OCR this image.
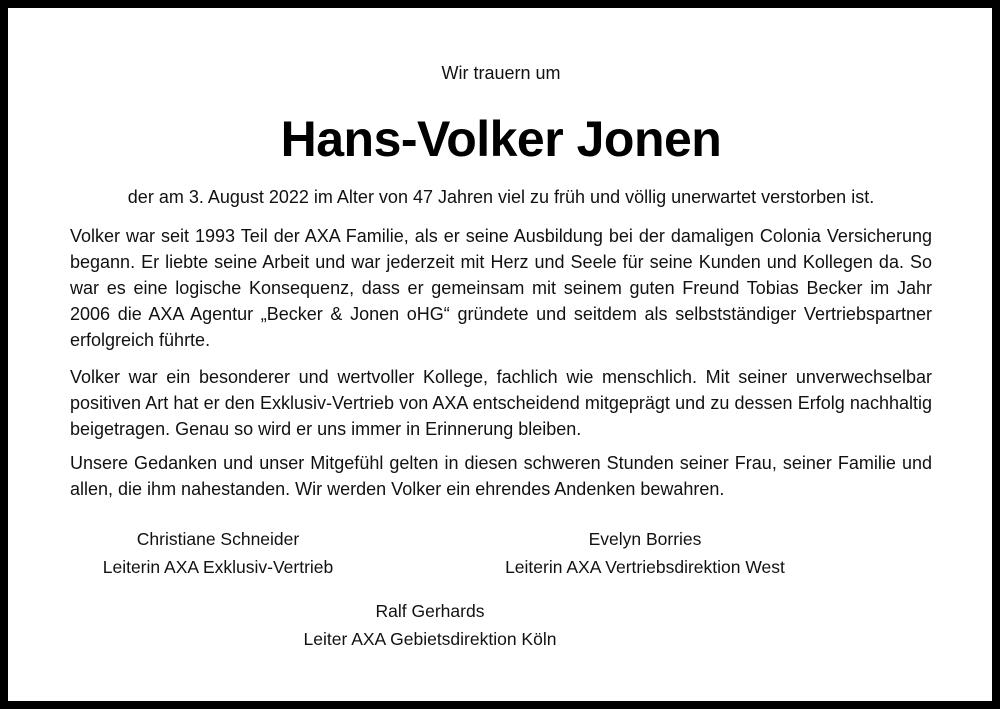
Wir trauern um
Hans-Volker Jonen
der am 3. August 2022 im Alter von 47 Jahren viel zu früh und völlig unerwartet verstorben ist.
Volker war seit 1993 Teil der AXA Familie, als er seine Ausbildung bei der damaligen Colonia Versicherung begann. Er liebte seine Arbeit und war jederzeit mit Herz und Seele für seine Kunden und Kollegen da. So war es eine logische Konsequenz, dass er gemeinsam mit seinem guten Freund Tobias Becker im Jahr 2006 die AXA Agentur „Becker & Jonen oHG“ gründete und seitdem als selbstständiger Vertriebspartner erfolgreich führte.
Volker war ein besonderer und wertvoller Kollege, fachlich wie menschlich. Mit seiner unverwechselbar positiven Art hat er den Exklusiv-Vertrieb von AXA entscheidend mitgeprägt und zu dessen Erfolg nachhaltig beigetragen. Genau so wird er uns immer in Erinnerung bleiben.
Unsere Gedanken und unser Mitgefühl gelten in diesen schweren Stunden seiner Frau, seiner Familie und allen, die ihm nahestanden. Wir werden Volker ein ehrendes Andenken bewahren.
Christiane Schneider
Leiterin AXA Exklusiv-Vertrieb
Evelyn Borries
Leiterin AXA Vertriebsdirektion West
Ralf Gerhards
Leiter AXA Gebietsdirektion Köln
